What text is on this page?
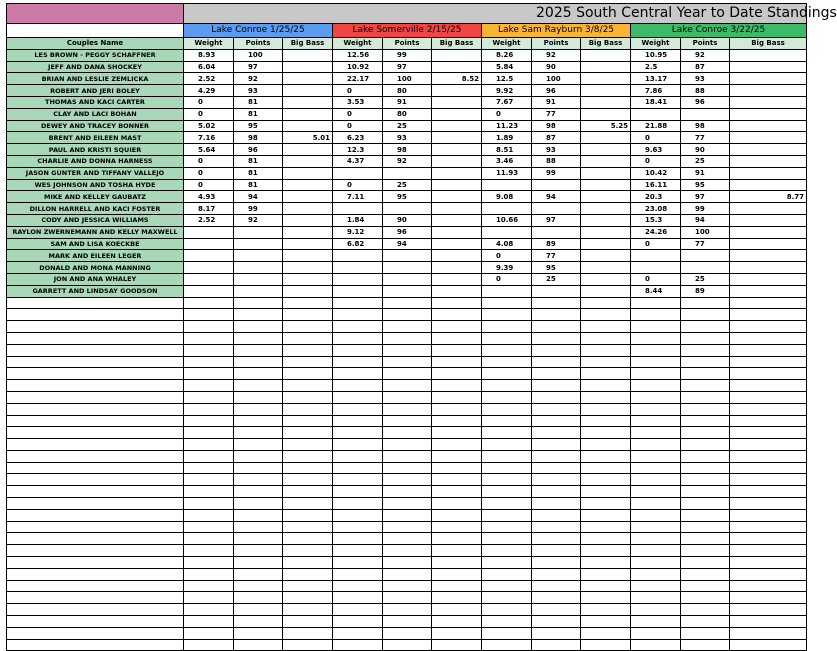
	2025 South Central Year to Date Standings											
	Lake Conroe 1/25/25			Lake Somerville 2/15/25			Lake Sam Rayburn 3/8/25			Lake Conroe 3/22/25		
Couples Name	Weight	Points	Big Bass	Weight	Points	Big Bass	Weight	Points	Big Bass	Weight	Points	Big Bass
LES BROWN - PEGGY SCHAFFNER	8.93	100		12.56	99		8.26	92		10.95	92	
JEFF AND DANA SHOCKEY	6.04	97		10.92	97		5.84	90		2.5	87	
BRIAN AND LESLIE ZEMLICKA	2.52	92		22.17	100	8.52	12.5	100		13.17	93	
ROBERT AND JERI BOLEY	4.29	93		0	80		9.92	96		7.86	88	
THOMAS AND KACI CARTER	0	81		3.53	91		7.67	91		18.41	96	
CLAY AND LACI BOHAN	0	81		0	80		0	77				
DEWEY AND TRACEY BONNER	5.02	95		0	25		11.23	98	5.25	21.88	98	
BRENT AND EILEEN MAST	7.16	98	5.01	6.23	93		1.89	87		0	77	
PAUL AND KRISTI SQUIER	5.64	96		12.3	98		8.51	93		9.63	90	
CHARLIE AND DONNA HARNESS	0	81		4.37	92		3.46	88		0	25	
JASON GUNTER AND TIFFANY VALLEJO	0	81					11.93	99		10.42	91	
WES JOHNSON AND TOSHA HYDE	0	81		0	25					16.11	95	
MIKE AND KELLEY GAUBATZ	4.93	94		7.11	95		9.08	94		20.3	97	8.77
DILLON HARRELL AND KACI FOSTER	8.17	99								23.08	99	
CODY AND JESSICA WILLIAMS	2.52	92		1.84	90		10.66	97		15.3	94	
RAYLON ZWERNEMANN AND KELLY MAXWELL				9.12	96					24.26	100	
SAM AND LISA KOECKBE				6.82	94		4.08	89		0	77	
MARK AND EILEEN LEGER							0	77				
DONALD AND MONA MANNING							9.39	95				
JON AND ANA WHALEY							0	25		0	25	
GARRETT AND LINDSAY GOODSON										8.44	89	
